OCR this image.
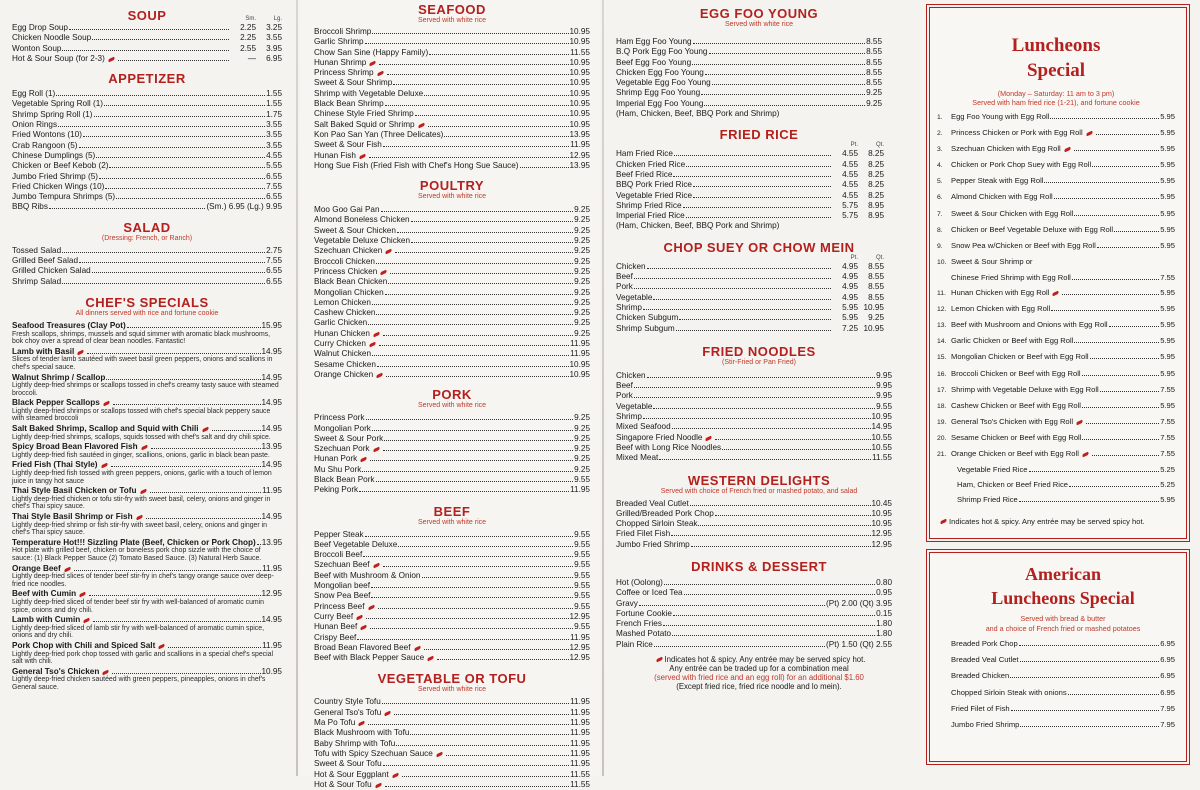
SOUP	Sm.	Lg.
Egg Drop Soup	2.25	3.25
Chicken Noodle Soup	2.25	3.55
Wonton Soup	2.55	3.95
Hot & Sour Soup (for 2-3)	—	6.95
APPETIZER
Egg Roll (1)	1.55
Vegetable Spring Roll (1)	1.55
Shrimp Spring Roll (1)	1.75
Onion Rings	3.55
Fried Wontons (10)	3.55
Crab Rangoon (5)	3.55
Chinese Dumplings (5)	4.55
Chicken or Beef Kebob (2)	5.55
Jumbo Fried Shrimp (5)	6.55
Fried Chicken Wings (10)	7.55
Jumbo Tempura Shrimps (5)	6.55
BBQ Ribs	(Sm.) 6.95 (Lg.) 9.95
SALAD
(Dressing: French, or Ranch)
Tossed Salad	2.75
Grilled Beef Salad	7.55
Grilled Chicken Salad	6.55
Shrimp Salad	6.55
CHEF'S SPECIALS
All dinners served with rice and fortune cookie
Seafood Treasures (Clay Pot)	15.95
Fresh scallops, shrimps, mussels and squid simmer with aromatic black mushrooms, bok choy over a spread of clear bean noodles. Fantastic!
Lamb with Basil	14.95
Slices of tender lamb sautéed with sweet basil green peppers, onions and scallions in chef's special sauce.
Walnut Shrimp / Scallop	14.95
Lightly deep-fried shrimps or scallops tossed in chef's creamy tasty sauce with steamed broccoli.
Black Pepper Scallops	14.95
Lightly deep-fried shrimps or scallops tossed with chef's special black peppery sauce with steamed broccoli
Salt Baked Shrimp, Scallop and Squid with Chili	14.95
Lightly deep-fried shrimps, scallops, squids tossed with chef's salt and dry chili spice.
Spicy Broad Bean Flavored Fish	13.95
Lightly deep-fried fish sautéed in ginger, scallions, onions, garlic in black bean paste.
Fried Fish (Thai Style)	14.95
Lightly deep-fried fish tossed with green peppers, onions, garlic with a touch of lemon juice in tangy hot sauce
Thai Style Basil Chicken or Tofu	11.95
Lightly deep-fried chicken or tofu stir-fry with sweet basil, celery, onions and ginger in chef's Thai spicy sauce.
Thai Style Basil Shrimp or Fish	14.95
Lightly deep-fried shrimp or fish stir-fry with sweet basil, celery, onions and ginger in chef's Thai spicy sauce.
Temperature Hot!!! Sizzling Plate (Beef, Chicken or Pork Chop) 13.95
Hot plate with grilled beef, chicken or boneless pork chop sizzle with the choice of sauce: (1) Black Pepper Sauce (2) Tomato Based Sauce. (3) Natural Herb Sauce.
Orange Beef	11.95
Lightly deep-fried slices of tender beef stir-fry in chef's tangy orange sauce over deep-fried rice noodles.
Beef with Cumin	12.95
Lightly deep-fried sliced of tender beef stir fry with well-balanced of aromatic cumin spice, onions and dry chili.
Lamb with Cumin	14.95
Lightly deep-fried sliced of lamb stir fry with well-balanced of aromatic cumin spice, onions and dry chili.
Pork Chop with Chili and Spiced Salt	11.95
Lightly deep-fried pork chop tossed with garlic and scallions in a special chef's special salt with chili.
General Tso's Chicken	10.95
Lightly deep-fried chicken sautéed with green peppers, pineapples, onions in chef's General sauce.
SEAFOOD
Served with white rice
Broccoli Shrimp	10.95
Garlic Shrimp	10.95
Chow San Sine (Happy Family)	11.55
Hunan Shrimp	10.95
Princess Shrimp	10.95
Sweet & Sour Shrimp	10.95
Shrimp with Vegetable Deluxe	10.95
Black Bean Shrimp	10.95
Chinese Style Fried Shrimp	10.95
Salt Baked Squid or Shrimp	10.95
Kon Pao San Yan (Three Delicates)	13.95
Sweet & Sour Fish	11.95
Hunan Fish	12.95
Hong Sue Fish (Fried Fish with Chef's Hong Sue Sauce)	13.95
POULTRY
Served with white rice
Moo Goo Gai Pan	9.25
Almond Boneless Chicken	9.25
Sweet & Sour Chicken	9.25
Vegetable Deluxe Chicken	9.25
Szechuan Chicken	9.25
Broccoli Chicken	9.25
Princess Chicken	9.25
Black Bean Chicken	9.25
Mongolian Chicken	9.25
Lemon Chicken	9.25
Cashew Chicken	9.25
Garlic Chicken	9.25
Hunan Chicken	9.25
Curry Chicken	11.95
Walnut Chicken	11.95
Sesame Chicken	10.95
Orange Chicken	10.95
PORK
Served with white rice
Princess Pork	9.25
Mongolian Pork	9.25
Sweet & Sour Pork	9.25
Szechuan Pork	9.25
Hunan Pork	9.25
Mu Shu Pork	9.25
Black Bean Pork	9.55
Peking Pork	11.95
BEEF
Served with white rice
Pepper Steak	9.55
Beef Vegetable Deluxe	9.55
Broccoli Beef	9.55
Szechuan Beef	9.55
Beef with Mushroom & Onion	9.55
Mongolian beef	9.55
Snow Pea Beef	9.55
Princess Beef	9.55
Curry Beef	12.95
Hunan Beef	9.55
Crispy Beef	11.95
Broad Bean Flavored Beef	12.95
Beef with Black Pepper Sauce	12.95
VEGETABLE OR TOFU
Served with white rice
Country Style Tofu	11.95
General Tso's Tofu	11.95
Ma Po Tofu	11.95
Black Mushroom with Tofu	11.95
Baby Shrimp with Tofu	11.95
Tofu with Spicy Szechuan Sauce	11.95
Sweet & Sour Tofu	11.95
Hot & Sour Eggplant	11.55
Hot & Sour Tofu	11.55
EGG FOO YOUNG
Served with white rice
Ham Egg Foo Young	8.55
B.Q Pork Egg Foo Young	8.55
Beef Egg Foo Young	8.55
Chicken Egg Foo Young	8.55
Vegetable Egg Foo Young	8.55
Shrimp Egg Foo Young	9.25
Imperial Egg Foo Young	9.25
(Ham, Chicken, Beef, BBQ Pork and Shrimp)
FRIED RICE
Pt.	Qt.
Ham Fried Rice	4.55	8.25
Chicken Fried Rice	4.55	8.25
Beef Fried Rice	4.55	8.25
BBQ Pork Fried Rice	4.55	8.25
Vegetable Fried Rice	4.55	8.25
Shrimp Fried Rice	5.75	8.95
Imperial Fried Rice	5.75	8.95
(Ham, Chicken, Beef, BBQ Pork and Shrimp)
CHOP SUEY OR CHOW MEIN
Pt.	Qt.
Chicken	4.95	8.55
Beef	4.95	8.55
Pork	4.95	8.55
Vegetable	4.95	8.55
Shrimp	5.95 10.95
Chicken Subgum	5.95	9.25
Shrimp Subgum	7.25 10.95
FRIED NOODLES
(Stir-Fried or Pan Fried)
Chicken	9.95
Beef	9.95
Pork	9.95
Vegetable	9.55
Shrimp	10.95
Mixed Seafood	14.95
Singapore Fried Noodle	10.55
Beef with Long Rice Noodles	10.55
Mixed Meat	11.55
WESTERN DELIGHTS
Served with choice of French fried or mashed potato, and salad
Breaded Veal Cutlet	10.45
Grilled/Breaded Pork Chop	10.95
Chopped Sirloin Steak	10.95
Fried Filet Fish	12.95
Jumbo Fried Shrimp	12.95
DRINKS & DESSERT
Hot (Oolong)	0.80
Coffee or Iced Tea	0.95
Gravy	(Pt) 2.00 (Qt) 3.95
Fortune Cookie	0.15
French Fries	1.80
Mashed Potato	1.80
Plain Rice	(Pt) 1.50 (Qt) 2.55
Indicates hot & spicy. Any entrée may be served spicy hot.
Any entrée can be traded up for a combination meal
(served with fried rice and an egg roll) for an additional $1.60
(Except fried rice, fried rice noodle and lo mein).
Luncheons
Special
(Monday – Saturday: 11 am to 3 pm)
Served with ham fried rice (1-21), and fortune cookie
1.	Egg Foo Young with Egg Roll	5.95
2.	Princess Chicken or Pork with Egg Roll	5.95
3.	Szechuan Chicken with Egg Roll	5.95
4.	Chicken or Pork Chop Suey with Egg Roll	5.95
5.	Pepper Steak with Egg Roll	5.95
6.	Almond Chicken with Egg Roll	5.95
7.	Sweet & Sour Chicken with Egg Roll	5.95
8.	Chicken or Beef Vegetable Deluxe with Egg Roll	5.95
9.	Snow Pea w/Chicken or Beef with Egg Roll	5.95
10. Sweet & Sour Shrimp or
Chinese Fried Shrimp with Egg Roll	7.55
11. Hunan Chicken with Egg Roll	5.95
12. Lemon Chicken with Egg Roll	5.95
13. Beef with Mushroom and Onions with Egg Roll	5.95
14. Garlic Chicken or Beef with Egg Roll	5.95
15. Mongolian Chicken or Beef with Egg Roll	5.95
16. Broccoli Chicken or Beef with Egg Roll	5.95
17. Shrimp with Vegetable Deluxe with Egg Roll	7.55
18. Cashew Chicken or Beef with Egg Roll	5.95
19. General Tso's Chicken with Egg Roll	7.55
20. Sesame Chicken or Beef with Egg Roll	7.55
21. Orange Chicken or Beef with Egg Roll	7.55
Vegetable Fried Rice	5.25
Ham, Chicken or Beef Fried Rice	5.25
Shrimp Fried Rice	5.95
Indicates hot & spicy. Any entrée may be served spicy hot.
American
Luncheons Special
Served with bread & butter
and a choice of French fried or mashed potatoes
Breaded Pork Chop	6.95
Breaded Veal Cutlet	6.95
Breaded Chicken	6.95
Chopped Sirloin Steak with onions	6.95
Fried Filet of Fish	7.95
Jumbo Fried Shrimp	7.95
